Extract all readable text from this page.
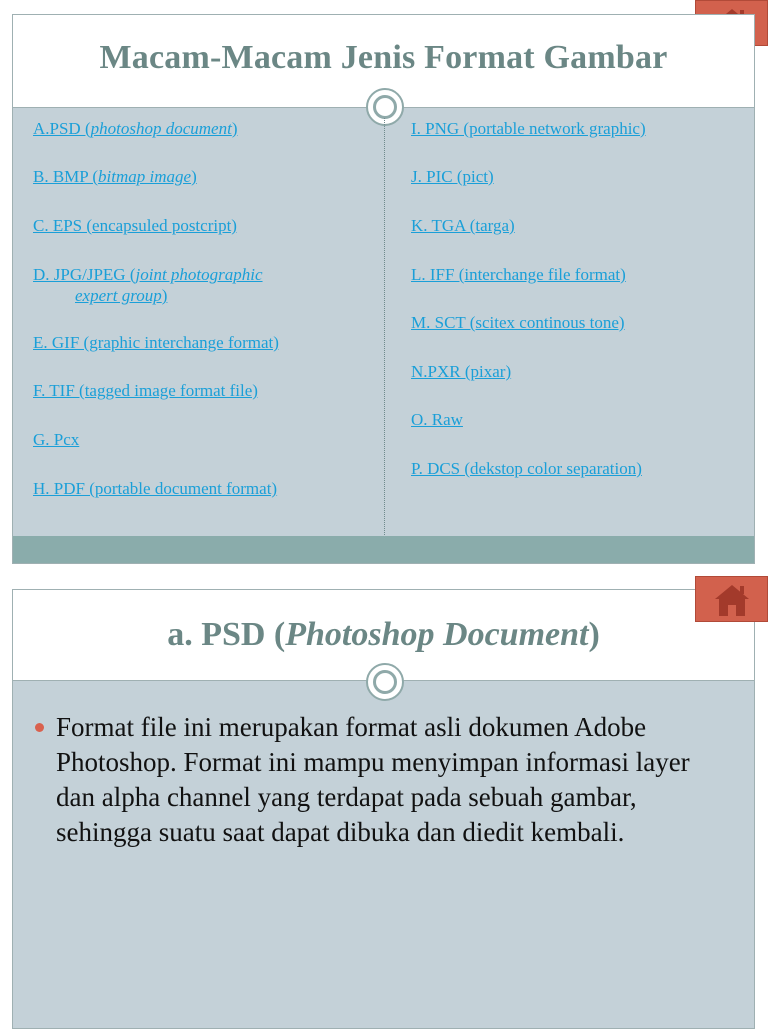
Macam-Macam Jenis Format Gambar
A.PSD (photoshop document)
B. BMP (bitmap image)
C. EPS (encapsuled postcript)
D. JPG/JPEG (joint photographic
expert group)
E. GIF (graphic interchange format)
F. TIF (tagged image format file)
G. Pcx
H. PDF (portable document format)
I. PNG (portable network graphic)
J. PIC (pict)
K. TGA (targa)
L. IFF (interchange file format)
M. SCT (scitex continous tone)
N.PXR (pixar)
O. Raw
P. DCS (dekstop color separation)
a. PSD (Photoshop Document)
Format file ini merupakan format asli dokumen Adobe Photoshop. Format ini mampu menyimpan informasi layer dan alpha channel yang terdapat pada sebuah gambar, sehingga suatu saat dapat dibuka dan diedit kembali.
